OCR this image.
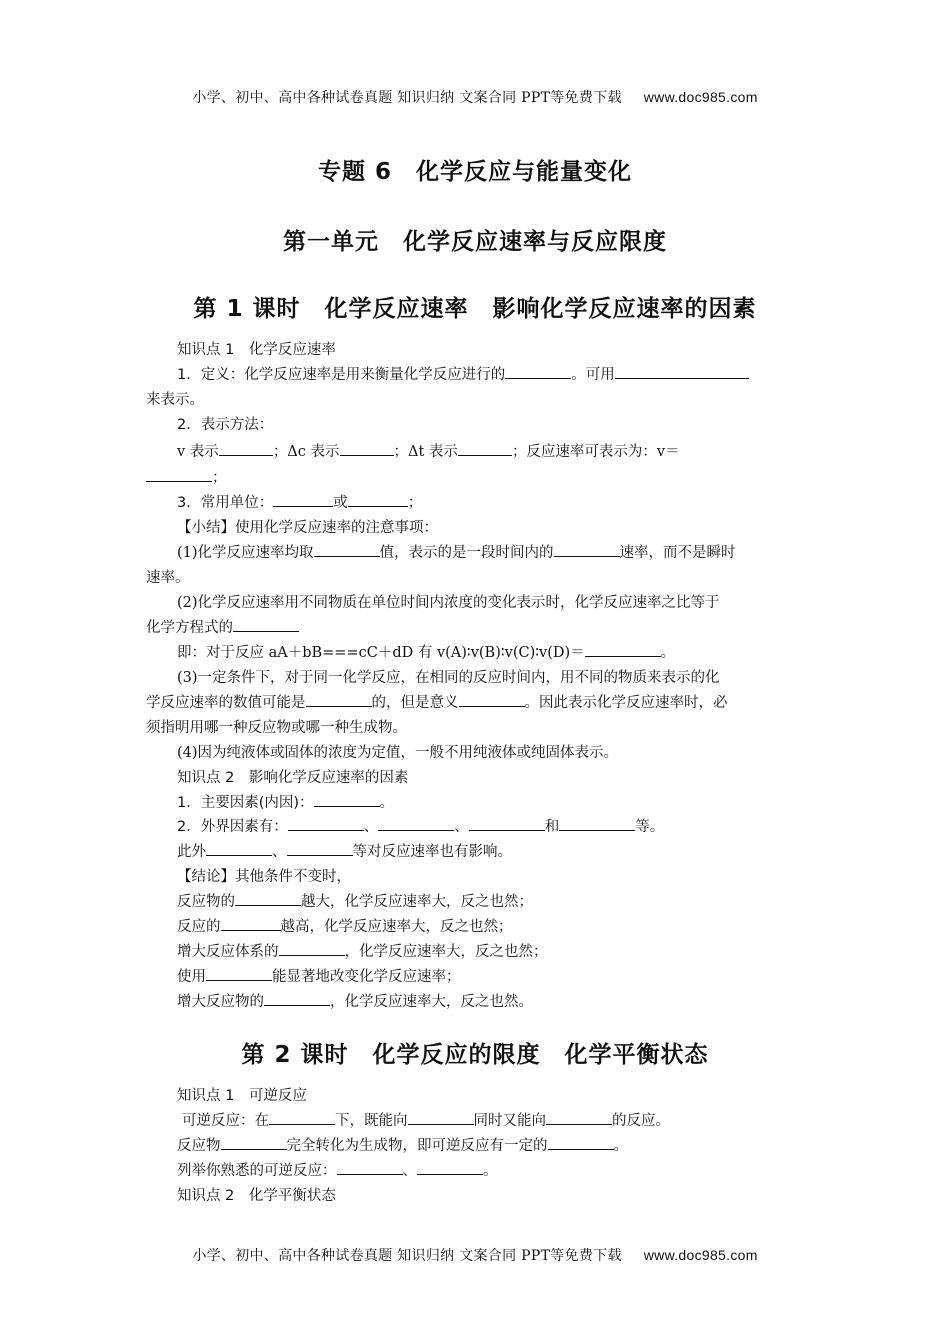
小学、初中、高中各种试卷真题 知识归纳 文案合同 PPT等免费下载 www.doc985.com
专题 6　化学反应与能量变化
第一单元　化学反应速率与反应限度
第 1 课时　化学反应速率　影响化学反应速率的因素
知识点 1　化学反应速率
1．定义：化学反应速率是用来衡量化学反应进行的	。可用
来表示。
2．表示方法：
v 表示	；Δc 表示	；Δt 表示	；反应速率可表示为：v＝
；
3．常用单位：	或	；
【小结】使用化学反应速率的注意事项：
(1)化学反应速率均取	值，表示的是一段时间内的	速率，而不是瞬时
速率。
(2)化学反应速率用不同物质在单位时间内浓度的变化表示时，化学反应速率之比等于
化学方程式的
即：对于反应 aA＋bB===cC＋dD 有 v(A)∶v(B)∶v(C)∶v(D)＝	。
(3)一定条件下，对于同一化学反应，在相同的反应时间内，用不同的物质来表示的化
学反应速率的数值可能是	的，但是意义	。因此表示化学反应速率时，必
须指明用哪一种反应物或哪一种生成物。
(4)因为纯液体或固体的浓度为定值，一般不用纯液体或纯固体表示。
知识点 2　影响化学反应速率的因素
1．主要因素(内因)：	。
2．外界因素有：	、	、	和	等。
此外	、	等对反应速率也有影响。
【结论】其他条件不变时，
反应物的	越大，化学反应速率大，反之也然；
反应的	越高，化学反应速率大，反之也然；
增大反应体系的	，化学反应速率大，反之也然；
使用	能显著地改变化学反应速率；
增大反应物的	，化学反应速率大，反之也然。
第 2 课时　化学反应的限度　化学平衡状态
知识点 1　可逆反应
可逆反应：在	下，既能向	同时又能向	的反应。
反应物	完全转化为生成物，即可逆反应有一定的	。
列举你熟悉的可逆反应：	、	。
知识点 2　化学平衡状态
小学、初中、高中各种试卷真题 知识归纳 文案合同 PPT等免费下载 www.doc985.com
